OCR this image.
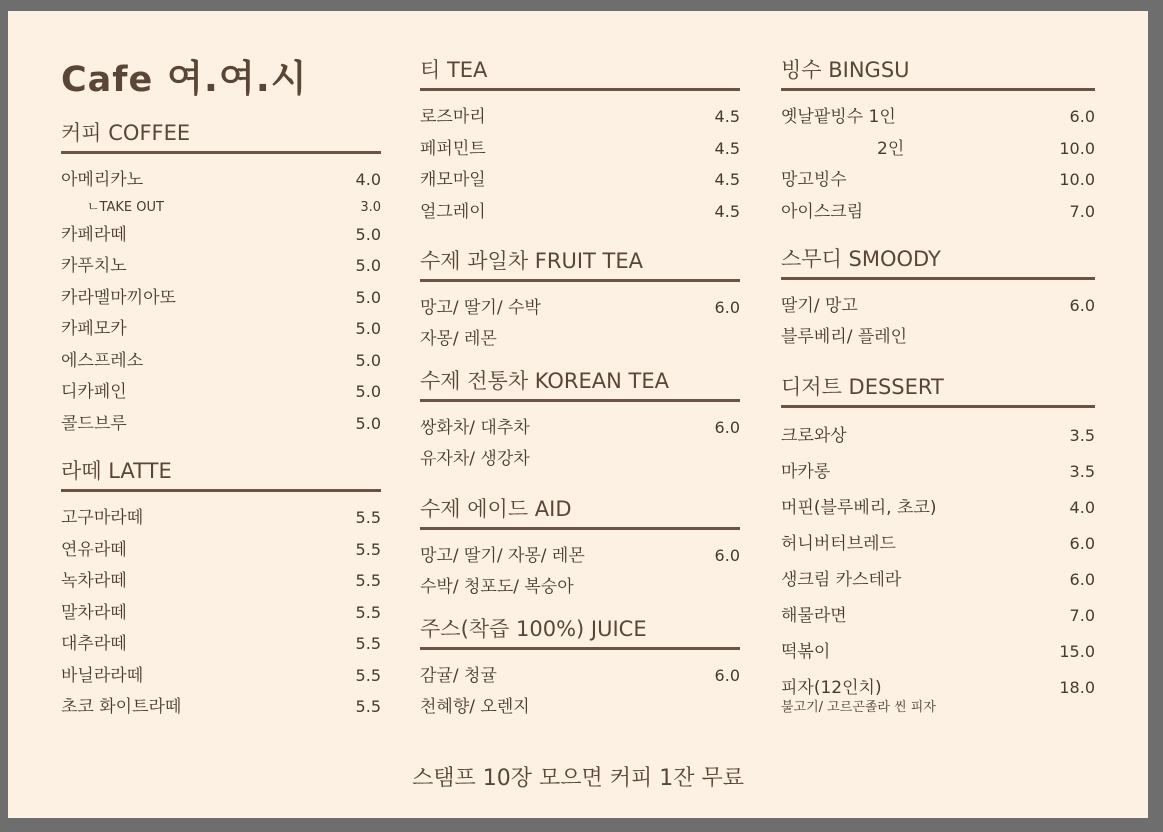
Cafe 여.여.시
커피 COFFEE
아메리카노	4.0
ㄴTAKE OUT	3.0
카페라떼	5.0
카푸치노	5.0
카라멜마끼아또	5.0
카페모카	5.0
에스프레소	5.0
디카페인	5.0
콜드브루	5.0
라떼 LATTE
고구마라떼	5.5
연유라떼	5.5
녹차라떼	5.5
말차라떼	5.5
대추라떼	5.5
바닐라라떼	5.5
초코 화이트라떼	5.5
티 TEA
로즈마리	4.5
페퍼민트	4.5
캐모마일	4.5
얼그레이	4.5
수제 과일차 FRUIT TEA
망고/ 딸기/ 수박	6.0
자몽/ 레몬
수제 전통차 KOREAN TEA
쌍화차/ 대추차	6.0
유자차/ 생강차
수제 에이드 AID
망고/ 딸기/ 자몽/ 레몬	6.0
수박/ 청포도/ 복숭아
주스(착즙 100%) JUICE
감귤/ 청귤	6.0
천혜향/ 오렌지
빙수 BINGSU
옛날팥빙수 1인	6.0
2인	10.0
망고빙수	10.0
아이스크림	7.0
스무디 SMOODY
딸기/ 망고	6.0
블루베리/ 플레인
디저트 DESSERT
크로와상	3.5
마카롱	3.5
머핀(블루베리, 초코)	4.0
허니버터브레드	6.0
생크림 카스테라	6.0
해물라면	7.0
떡볶이	15.0
피자(12인치)	18.0
불고기/ 고르곤졸라 씬 피자
스탬프 10장 모으면 커피 1잔 무료
